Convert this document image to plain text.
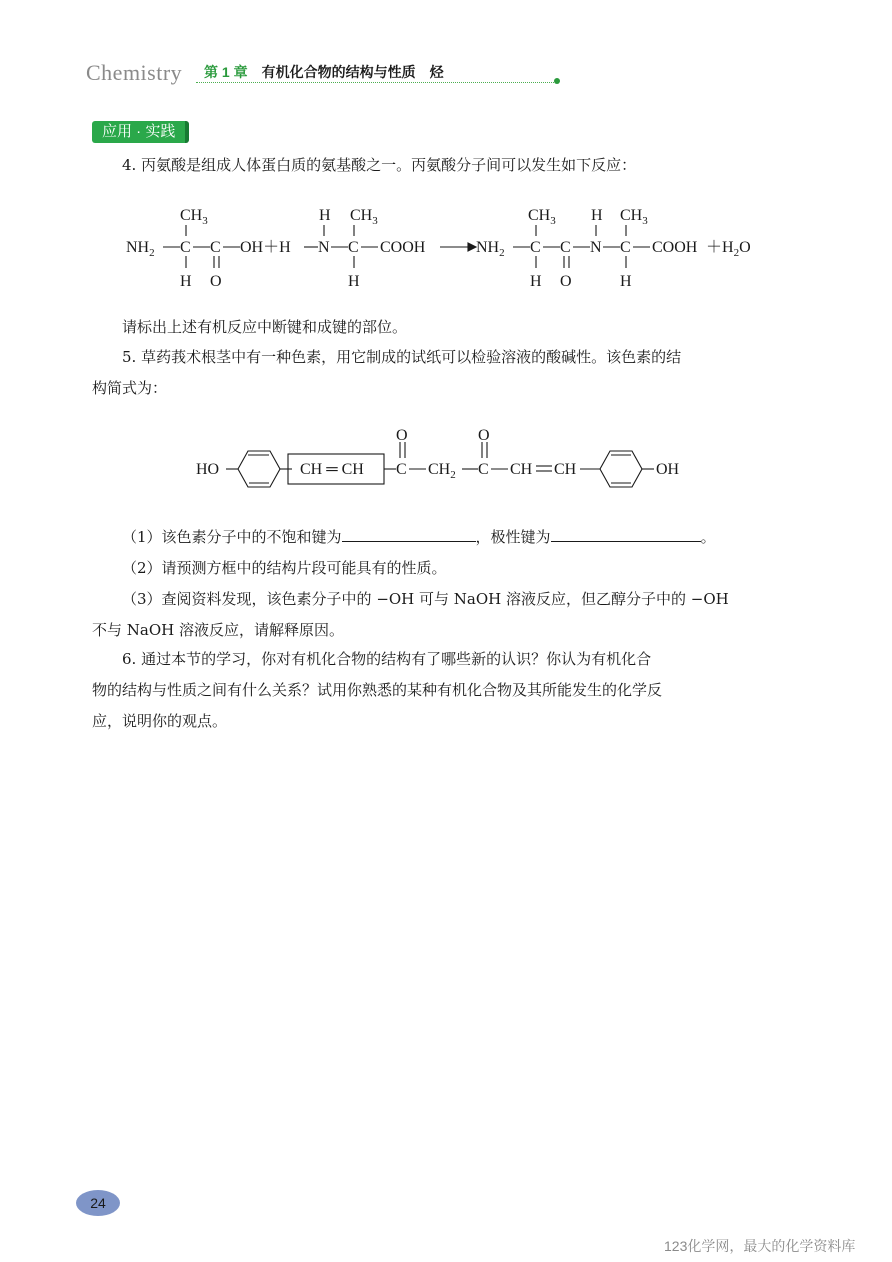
Chemistry 第 1 章　 有机化合物的结构与性质　烃
应用 · 实践
4. 丙氨酸是组成人体蛋白质的氨基酸之一。丙氨酸分子间可以发生如下反应：
$NH_2$ C
$CH_3$
H
C
O
OH＋H N
H
C
$CH_3$
H
COOH	$NH_2$ C
$CH_3$
H
C
O
N
H
C
$CH_3$
H
COOH $+H_2O$
请标出上述有机反应中断键和成键的部位。
5. 草药莪术根茎中有一种色素，用它制成的试纸可以检验溶液的酸碱性。该色素的结
构简式为：
HO	CH ═ CH C
O
$CH_2$ C
O
CH CH	OH
（1）该色素分子中的不饱和键为	，极性键为	。
（2）请预测方框中的结构片段可能具有的性质。
（3）查阅资料发现，该色素分子中的 −OH 可与 NaOH 溶液反应，但乙醇分子中的 −OH
不与 NaOH 溶液反应，请解释原因。
6. 通过本节的学习，你对有机化合物的结构有了哪些新的认识？你认为有机化合
物的结构与性质之间有什么关系？试用你熟悉的某种有机化合物及其所能发生的化学反
应，说明你的观点。
24
123化学网，最大的化学资料库
